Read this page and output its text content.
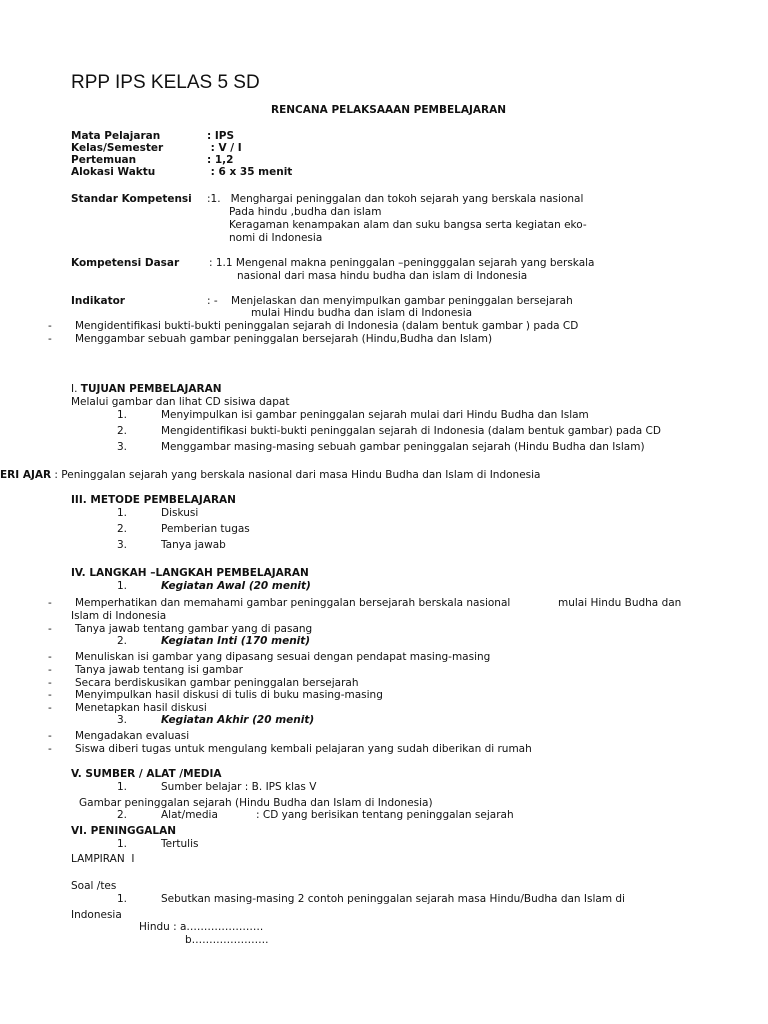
RPP IPS KELAS 5 SD
RENCANA PELAKSAAAN PEMBELAJARAN
Mata Pelajaran	: IPS
Kelas/Semester	: V / I
Pertemuan	: 1,2
Alokasi Waktu	: 6 x 35 menit
Standar Kompetensi :1.   Menghargai peninggalan dan tokoh sejarah yang berskala nasional
Pada hindu ,budha dan islam
Keragaman kenampakan alam dan suku bangsa serta kegiatan eko-
nomi di Indonesia
Kompetensi Dasar	: 1.1 Mengenal makna peninggalan –peningggalan sejarah yang berskala
nasional dari masa hindu budha dan islam di Indonesia
Indikator	: -    Menjelaskan dan menyimpulkan gambar peninggalan bersejarah
mulai Hindu budha dan islam di Indonesia
- Mengidentifikasi bukti-bukti peninggalan sejarah di Indonesia (dalam bentuk gambar ) pada CD
- Menggambar sebuah gambar peninggalan bersejarah (Hindu,Budha dan Islam)
I. TUJUAN PEMBELAJARAN
Melalui gambar dan lihat CD sisiwa dapat
1.	Menyimpulkan isi gambar peninggalan sejarah mulai dari Hindu Budha dan Islam
2.	Mengidentifikasi bukti-bukti peninggalan sejarah di Indonesia (dalam bentuk gambar) pada CD
3.	Menggambar masing-masing sebuah gambar peninggalan sejarah (Hindu Budha dan Islam)
ERI AJAR : Peninggalan sejarah yang berskala nasional dari masa Hindu Budha dan Islam di Indonesia
III. METODE PEMBELAJARAN
1.	Diskusi
2.	Pemberian tugas
3.	Tanya jawab
IV. LANGKAH –LANGKAH PEMBELAJARAN
1.	Kegiatan Awal (20 menit)
- Memperhatikan dan memahami gambar peninggalan bersejarah berskala nasional	mulai Hindu Budha dan
Islam di Indonesia
- Tanya jawab tentang gambar yang di pasang
2.	Kegiatan Inti (170 menit)
- Menuliskan isi gambar yang dipasang sesuai dengan pendapat masing-masing
- Tanya jawab tentang isi gambar
- Secara berdiskusikan gambar peninggalan bersejarah
- Menyimpulkan hasil diskusi di tulis di buku masing-masing
- Menetapkan hasil diskusi
3.	Kegiatan Akhir (20 menit)
- Mengadakan evaluasi
- Siswa diberi tugas untuk mengulang kembali pelajaran yang sudah diberikan di rumah
V. SUMBER / ALAT /MEDIA
1.	Sumber belajar : B. IPS klas V
Gambar peninggalan sejarah (Hindu Budha dan Islam di Indonesia)
2.	Alat/media	: CD yang berisikan tentang peninggalan sejarah
VI. PENINGGALAN
1.	Tertulis
LAMPIRAN  I
Soal /tes
1.	Sebutkan masing-masing 2 contoh peninggalan sejarah masa Hindu/Budha dan Islam di
Indonesia
Hindu : a………………….
b………………….
